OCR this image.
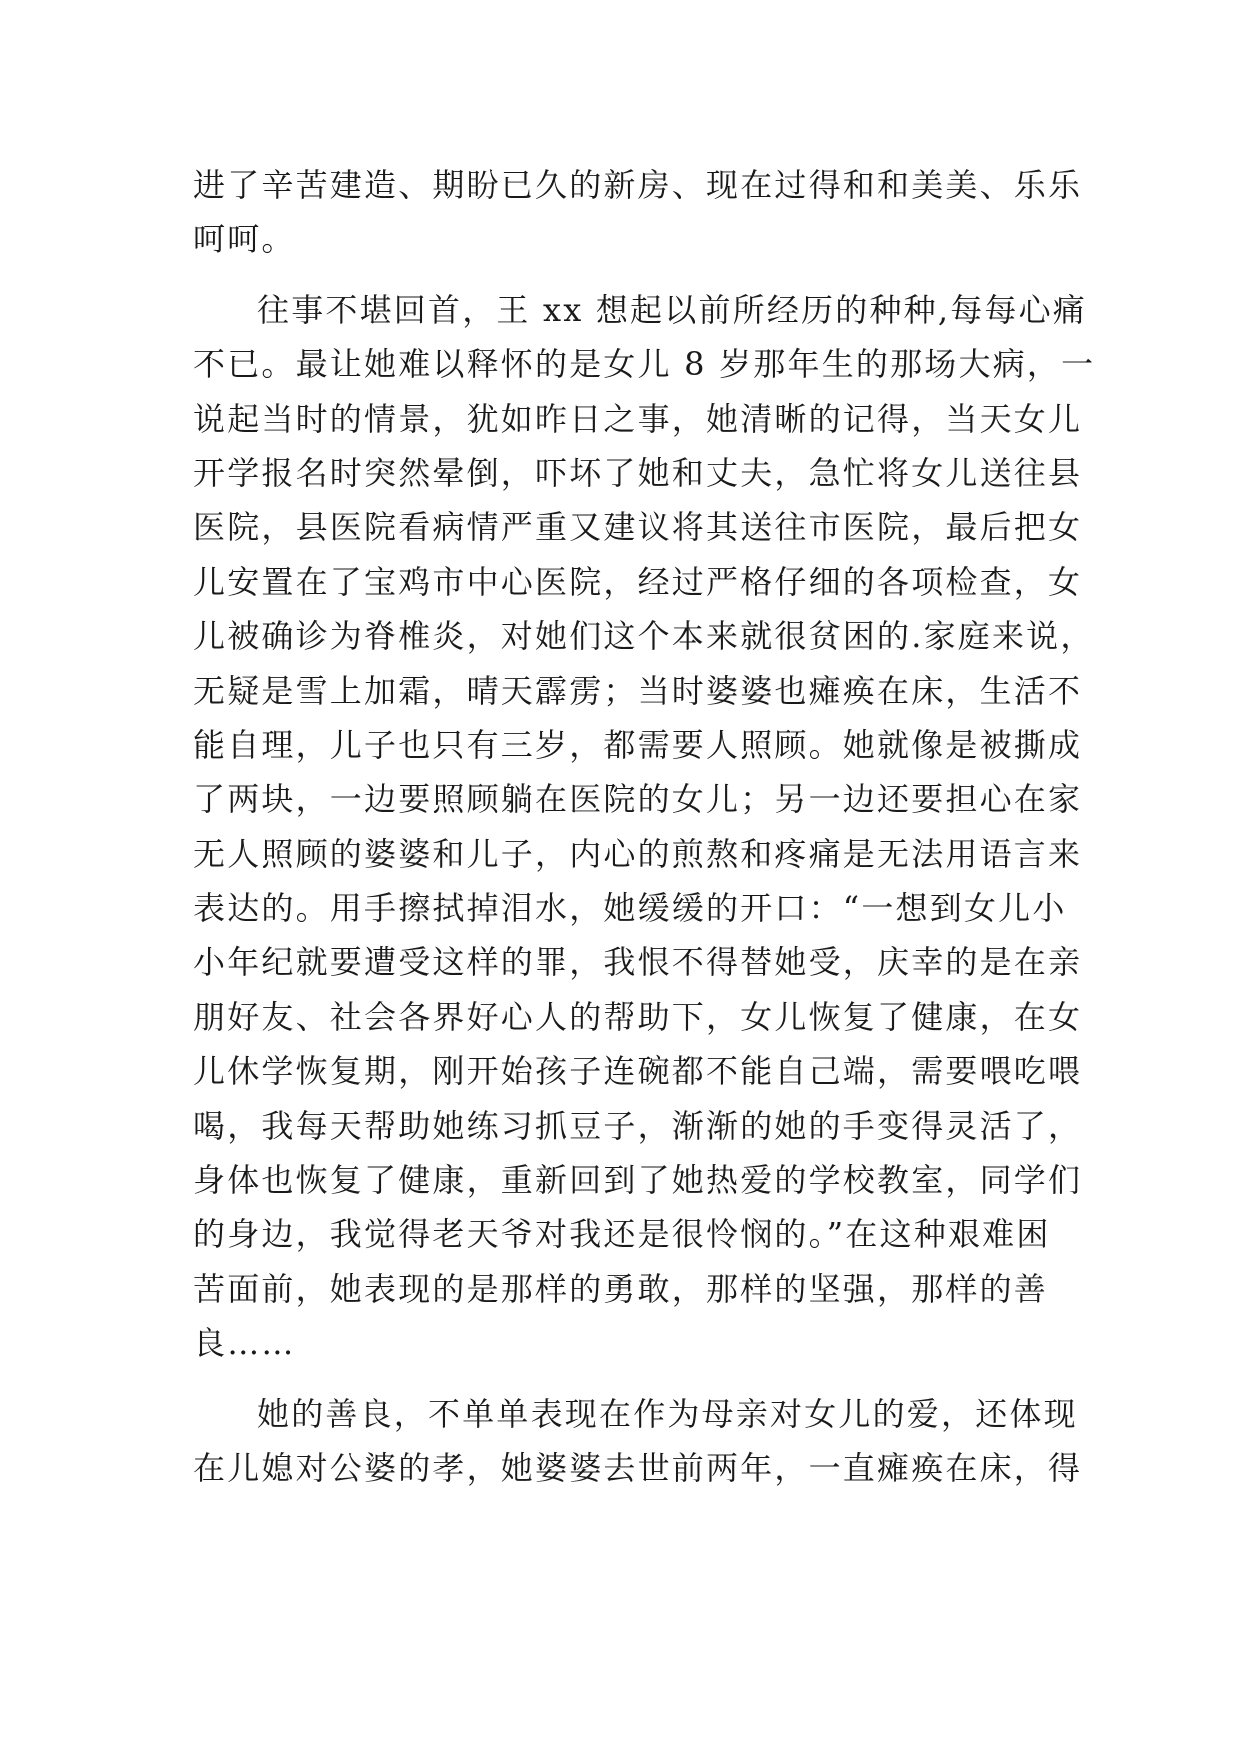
进了辛苦建造、期盼已久的新房、现在过得和和美美、乐乐
呵呵。
往事不堪回首，王 xx 想起以前所经历的种种,每每心痛
不已。最让她难以释怀的是女儿 8 岁那年生的那场大病，一
说起当时的情景，犹如昨日之事，她清晰的记得，当天女儿
开学报名时突然晕倒，吓坏了她和丈夫，急忙将女儿送往县
医院，县医院看病情严重又建议将其送往市医院，最后把女
儿安置在了宝鸡市中心医院，经过严格仔细的各项检查，女
儿被确诊为脊椎炎，对她们这个本来就很贫困的.家庭来说，
无疑是雪上加霜，晴天霹雳；当时婆婆也瘫痪在床，生活不
能自理，儿子也只有三岁，都需要人照顾。她就像是被撕成
了两块，一边要照顾躺在医院的女儿；另一边还要担心在家
无人照顾的婆婆和儿子，内心的煎熬和疼痛是无法用语言来
表达的。用手擦拭掉泪水，她缓缓的开口：“一想到女儿小
小年纪就要遭受这样的罪，我恨不得替她受，庆幸的是在亲
朋好友、社会各界好心人的帮助下，女儿恢复了健康，在女
儿休学恢复期，刚开始孩子连碗都不能自己端，需要喂吃喂
喝，我每天帮助她练习抓豆子，渐渐的她的手变得灵活了，
身体也恢复了健康，重新回到了她热爱的学校教室，同学们
的身边，我觉得老天爷对我还是很怜悯的。”在这种艰难困
苦面前，她表现的是那样的勇敢，那样的坚强，那样的善
良……
她的善良，不单单表现在作为母亲对女儿的爱，还体现
在儿媳对公婆的孝，她婆婆去世前两年，一直瘫痪在床，得
